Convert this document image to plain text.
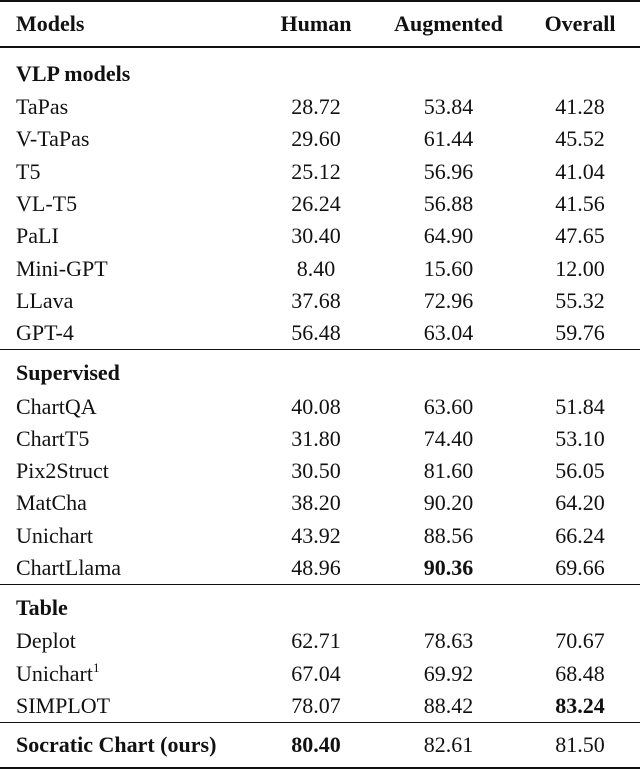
Models	Human	Augmented	Overall

VLP models			
TaPas	28.72	53.84	41.28
V-TaPas	29.60	61.44	45.52
T5	25.12	56.96	41.04
VL-T5	26.24	56.88	41.56
PaLI	30.40	64.90	47.65
Mini-GPT	8.40	15.60	12.00
LLava	37.68	72.96	55.32
GPT-4	56.48	63.04	59.76
Supervised			
ChartQA	40.08	63.60	51.84
ChartT5	31.80	74.40	53.10
Pix2Struct	30.50	81.60	56.05
MatCha	38.20	90.20	64.20
Unichart	43.92	88.56	66.24
ChartLlama	48.96	90.36	69.66
Table			
Deplot	62.71	78.63	70.67
Unichart$^1$	67.04	69.92	68.48
SIMPLOT	78.07	88.42	83.24
Socratic Chart (ours)	80.40	82.61	81.50
